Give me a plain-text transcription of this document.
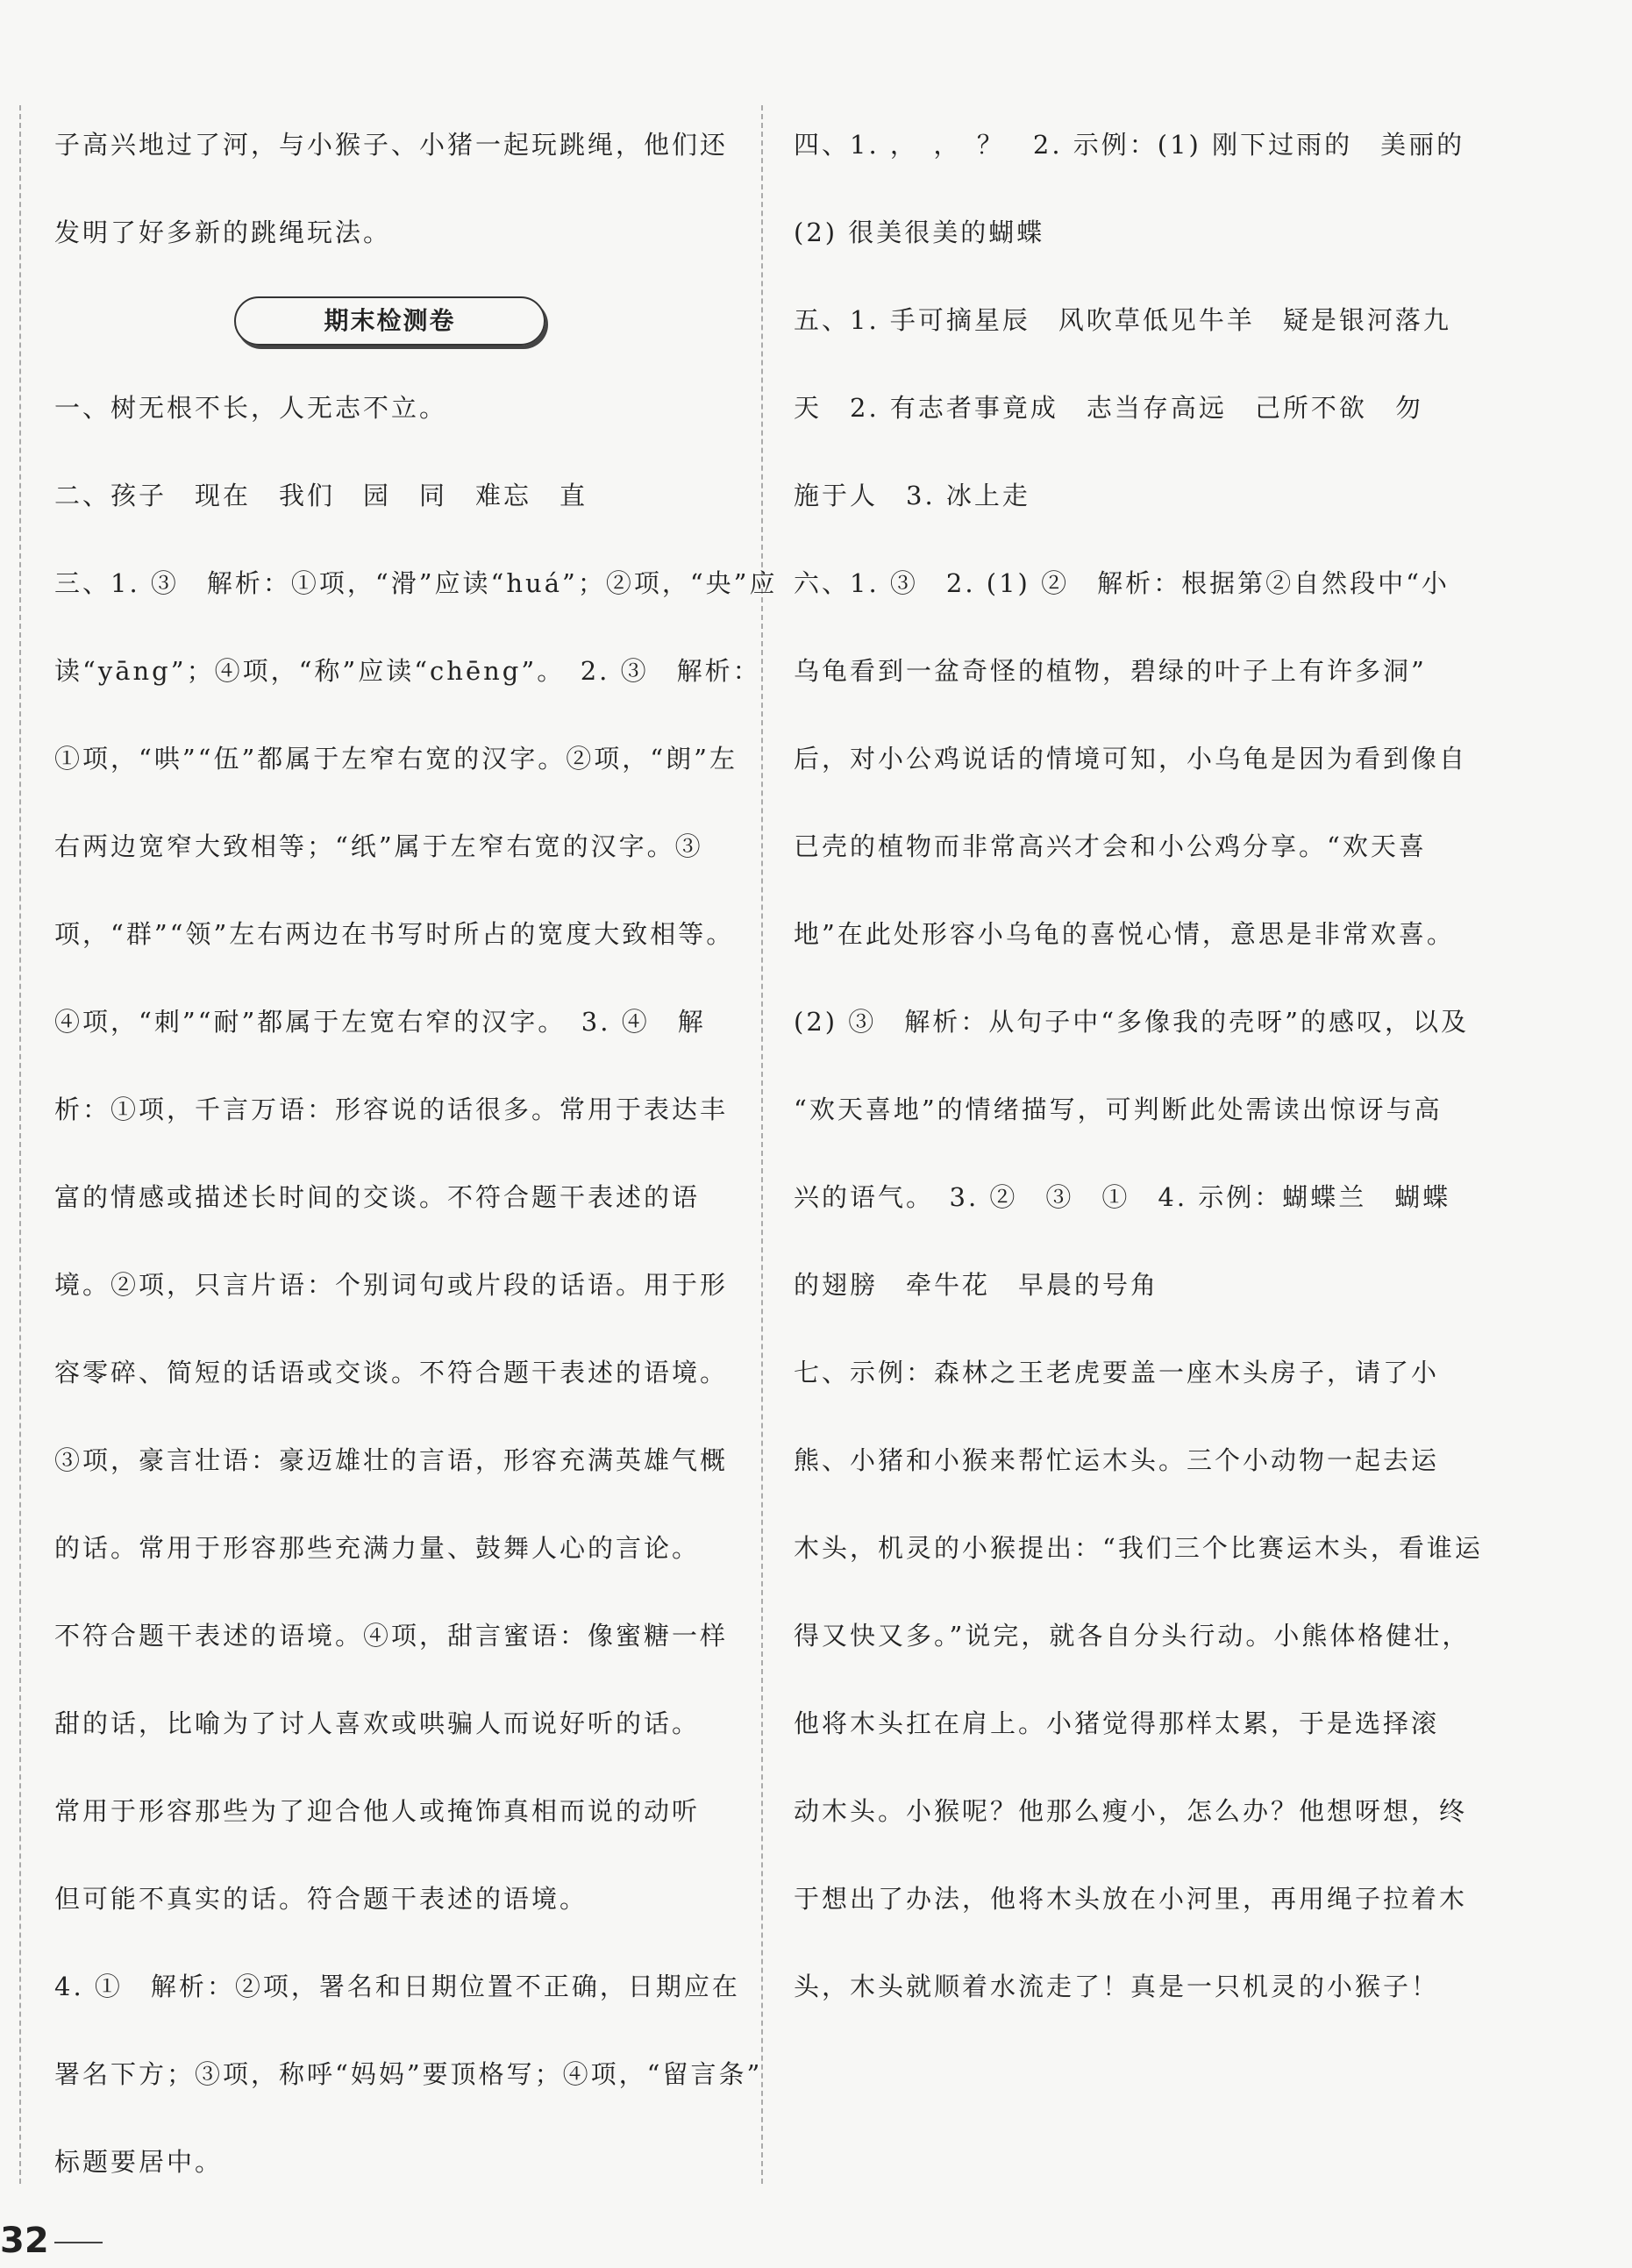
子高兴地过了河，与小猴子、小猪一起玩跳绳，他们还
发明了好多新的跳绳玩法。
期末检测卷
一、树无根不长，人无志不立。
二、孩子　现在　我们　园　同　难忘　直
三、1. ③　解析：①项，“滑”应读“huá”；②项，“央”应
读“yāng”；④项，“称”应读“chēng”。　2. ③　解析：
①项，“哄”“伍”都属于左窄右宽的汉字。②项，“朗”左
右两边宽窄大致相等；“纸”属于左窄右宽的汉字。③
项，“群”“领”左右两边在书写时所占的宽度大致相等。
④项，“刺”“耐”都属于左宽右窄的汉字。　3. ④　解
析：①项，千言万语：形容说的话很多。常用于表达丰
富的情感或描述长时间的交谈。不符合题干表述的语
境。②项，只言片语：个别词句或片段的话语。用于形
容零碎、简短的话语或交谈。不符合题干表述的语境。
③项，豪言壮语：豪迈雄壮的言语，形容充满英雄气概
的话。常用于形容那些充满力量、鼓舞人心的言论。
不符合题干表述的语境。④项，甜言蜜语：像蜜糖一样
甜的话，比喻为了讨人喜欢或哄骗人而说好听的话。
常用于形容那些为了迎合他人或掩饰真相而说的动听
但可能不真实的话。符合题干表述的语境。
4. ①　解析：②项，署名和日期位置不正确，日期应在
署名下方；③项，称呼“妈妈”要顶格写；④项，“留言条”
标题要居中。
四、1. ，　，　？　2. 示例：(1) 刚下过雨的　美丽的
(2) 很美很美的蝴蝶
五、1. 手可摘星辰　风吹草低见牛羊　疑是银河落九
天　2. 有志者事竟成　志当存高远　己所不欲　勿
施于人　3. 冰上走
六、1. ③　2. (1) ②　解析：根据第②自然段中“小
乌龟看到一盆奇怪的植物，碧绿的叶子上有许多洞”
后，对小公鸡说话的情境可知，小乌龟是因为看到像自
已壳的植物而非常高兴才会和小公鸡分享。“欢天喜
地”在此处形容小乌龟的喜悦心情，意思是非常欢喜。
(2) ③　解析：从句子中“多像我的壳呀”的感叹，以及
“欢天喜地”的情绪描写，可判断此处需读出惊讶与高
兴的语气。　3. ②　③　①　4. 示例：蝴蝶兰　蝴蝶
的翅膀　牵牛花　早晨的号角
七、示例：森林之王老虎要盖一座木头房子，请了小
熊、小猪和小猴来帮忙运木头。三个小动物一起去运
木头，机灵的小猴提出：“我们三个比赛运木头，看谁运
得又快又多。”说完，就各自分头行动。小熊体格健壮，
他将木头扛在肩上。小猪觉得那样太累，于是选择滚
动木头。小猴呢？他那么瘦小，怎么办？他想呀想，终
于想出了办法，他将木头放在小河里，再用绳子拉着木
头，木头就顺着水流走了！真是一只机灵的小猴子！
32
